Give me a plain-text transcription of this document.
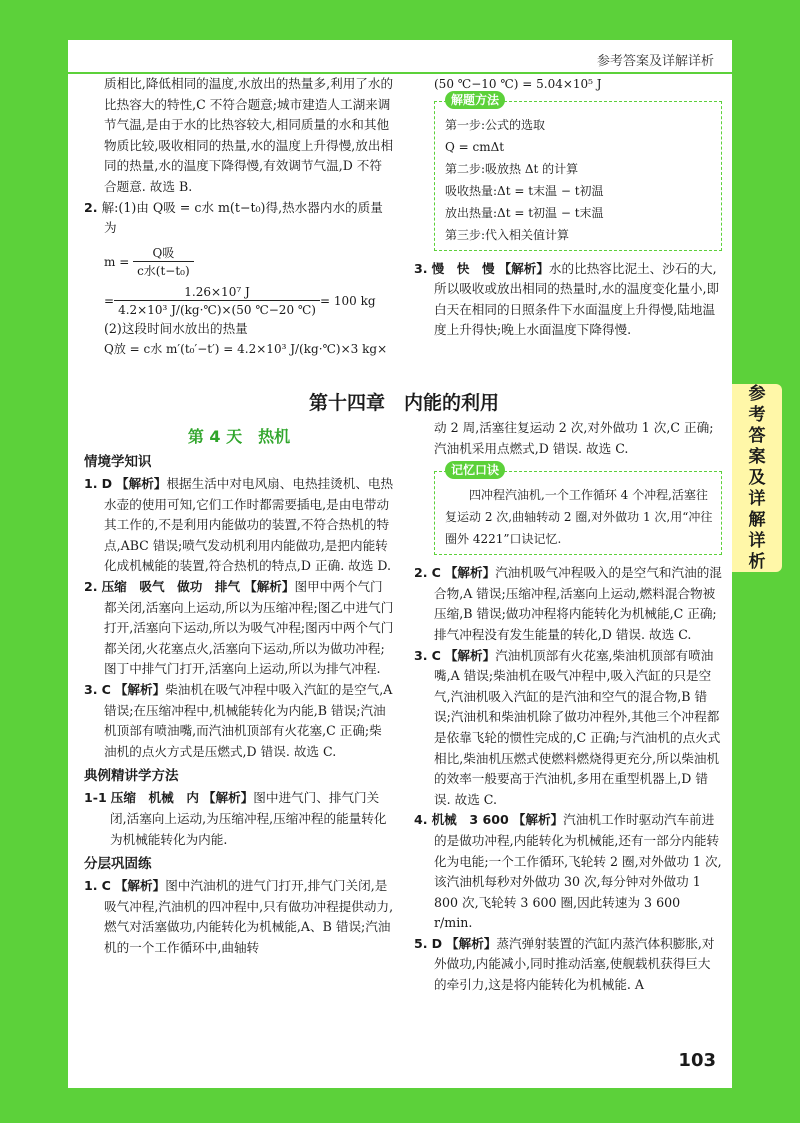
参考答案及详解详析
参
考
答
案
及
详
解
详
析

质相比,降低相同的温度,水放出的热量多,利用了水的比热容大的特性,C 不符合题意;城市建造人工湖来调节气温,是由于水的比热容较大,相同质量的水和其他物质比较,吸收相同的热量,水的温度上升得慢,放出相同的热量,水的温度下降得慢,有效调节气温,D 不符合题意. 故选 B.

2. 解:(1)由 Q吸 = c水 m(t−t₀)得,热水器内水的质量为

$m = \frac{\text{Q吸}}{\text{c水(t−t₀)}}$
= $\frac{\text{1.26×10⁷ J}}{\text{4.2×10³ J/(kg·℃)×(50 ℃−20 ℃)}} = 100$ kg

(2)这段时间水放出的热量

Q放 = c水 m′(t₀′−t′) = 4.2×10³ J/(kg·℃)×3 kg×

(50 ℃−10 ℃) = 5.04×10⁵ J

解题方法

第一步:公式的选取

Q = cmΔt

第二步:吸放热 Δt 的计算

吸收热量:Δt = t末温 − t初温

放出热量:Δt = t初温 − t末温

第三步:代入相关值计算

3. 慢　快　慢 【解析】水的比热容比泥土、沙石的大,所以吸收或放出相同的热量时,水的温度变化量小,即白天在相同的日照条件下水面温度上升得慢,陆地温度上升得快;晚上水面温度下降得慢.

第十四章　内能的利用
第 4 天　热机
情境学知识

1. D 【解析】根据生活中对电风扇、电热挂烫机、电热水壶的使用可知,它们工作时都需要插电,是由电带动其工作的,不是利用内能做功的装置,不符合热机的特点,ABC 错误;喷气发动机利用内能做功,是把内能转化成机械能的装置,符合热机的特点,D 正确. 故选 D.

2. 压缩　吸气　做功　排气 【解析】图甲中两个气门都关闭,活塞向上运动,所以为压缩冲程;图乙中进气门打开,活塞向下运动,所以为吸气冲程;图丙中两个气门都关闭,火花塞点火,活塞向下运动,所以为做功冲程;图丁中排气门打开,活塞向上运动,所以为排气冲程.

3. C 【解析】柴油机在吸气冲程中吸入汽缸的是空气,A 错误;在压缩冲程中,机械能转化为内能,B 错误;汽油机顶部有喷油嘴,而汽油机顶部有火花塞,C 正确;柴油机的点火方式是压燃式,D 错误. 故选 C.

典例精讲学方法

1-1 压缩　机械　内 【解析】图中进气门、排气门关闭,活塞向上运动,为压缩冲程,压缩冲程的能量转化为机械能转化为内能.

分层巩固练

1. C 【解析】图中汽油机的进气门打开,排气门关闭,是吸气冲程,汽油机的四冲程中,只有做功冲程提供动力,燃气对活塞做功,内能转化为机械能,A、B 错误;汽油机的一个工作循环中,曲轴转

动 2 周,活塞往复运动 2 次,对外做功 1 次,C 正确;汽油机采用点燃式,D 错误. 故选 C.

记忆口诀

四冲程汽油机,一个工作循环 4 个冲程,活塞往复运动 2 次,曲轴转动 2 圈,对外做功 1 次,用“冲往圈外 4221”口诀记忆.

2. C 【解析】汽油机吸气冲程吸入的是空气和汽油的混合物,A 错误;压缩冲程,活塞向上运动,燃料混合物被压缩,B 错误;做功冲程将内能转化为机械能,C 正确;排气冲程没有发生能量的转化,D 错误. 故选 C.

3. C 【解析】汽油机顶部有火花塞,柴油机顶部有喷油嘴,A 错误;柴油机在吸气冲程中,吸入汽缸的只是空气,汽油机吸入汽缸的是汽油和空气的混合物,B 错误;汽油机和柴油机除了做功冲程外,其他三个冲程都是依靠飞轮的惯性完成的,C 正确;与汽油机的点火式相比,柴油机压燃式使燃料燃烧得更充分,所以柴油机的效率一般要高于汽油机,多用在重型机器上,D 错误. 故选 C.

4. 机械　3 600 【解析】汽油机工作时驱动汽车前进的是做功冲程,内能转化为机械能,还有一部分内能转化为电能;一个工作循环,飞轮转 2 圈,对外做功 1 次,该汽油机每秒对外做功 30 次,每分钟对外做功 1 800 次,飞轮转 3 600 圈,因此转速为 3 600 r/min.

5. D 【解析】蒸汽弹射装置的汽缸内蒸汽体积膨胀,对外做功,内能减小,同时推动活塞,使舰载机获得巨大的牵引力,这是将内能转化为机械能. A

103
